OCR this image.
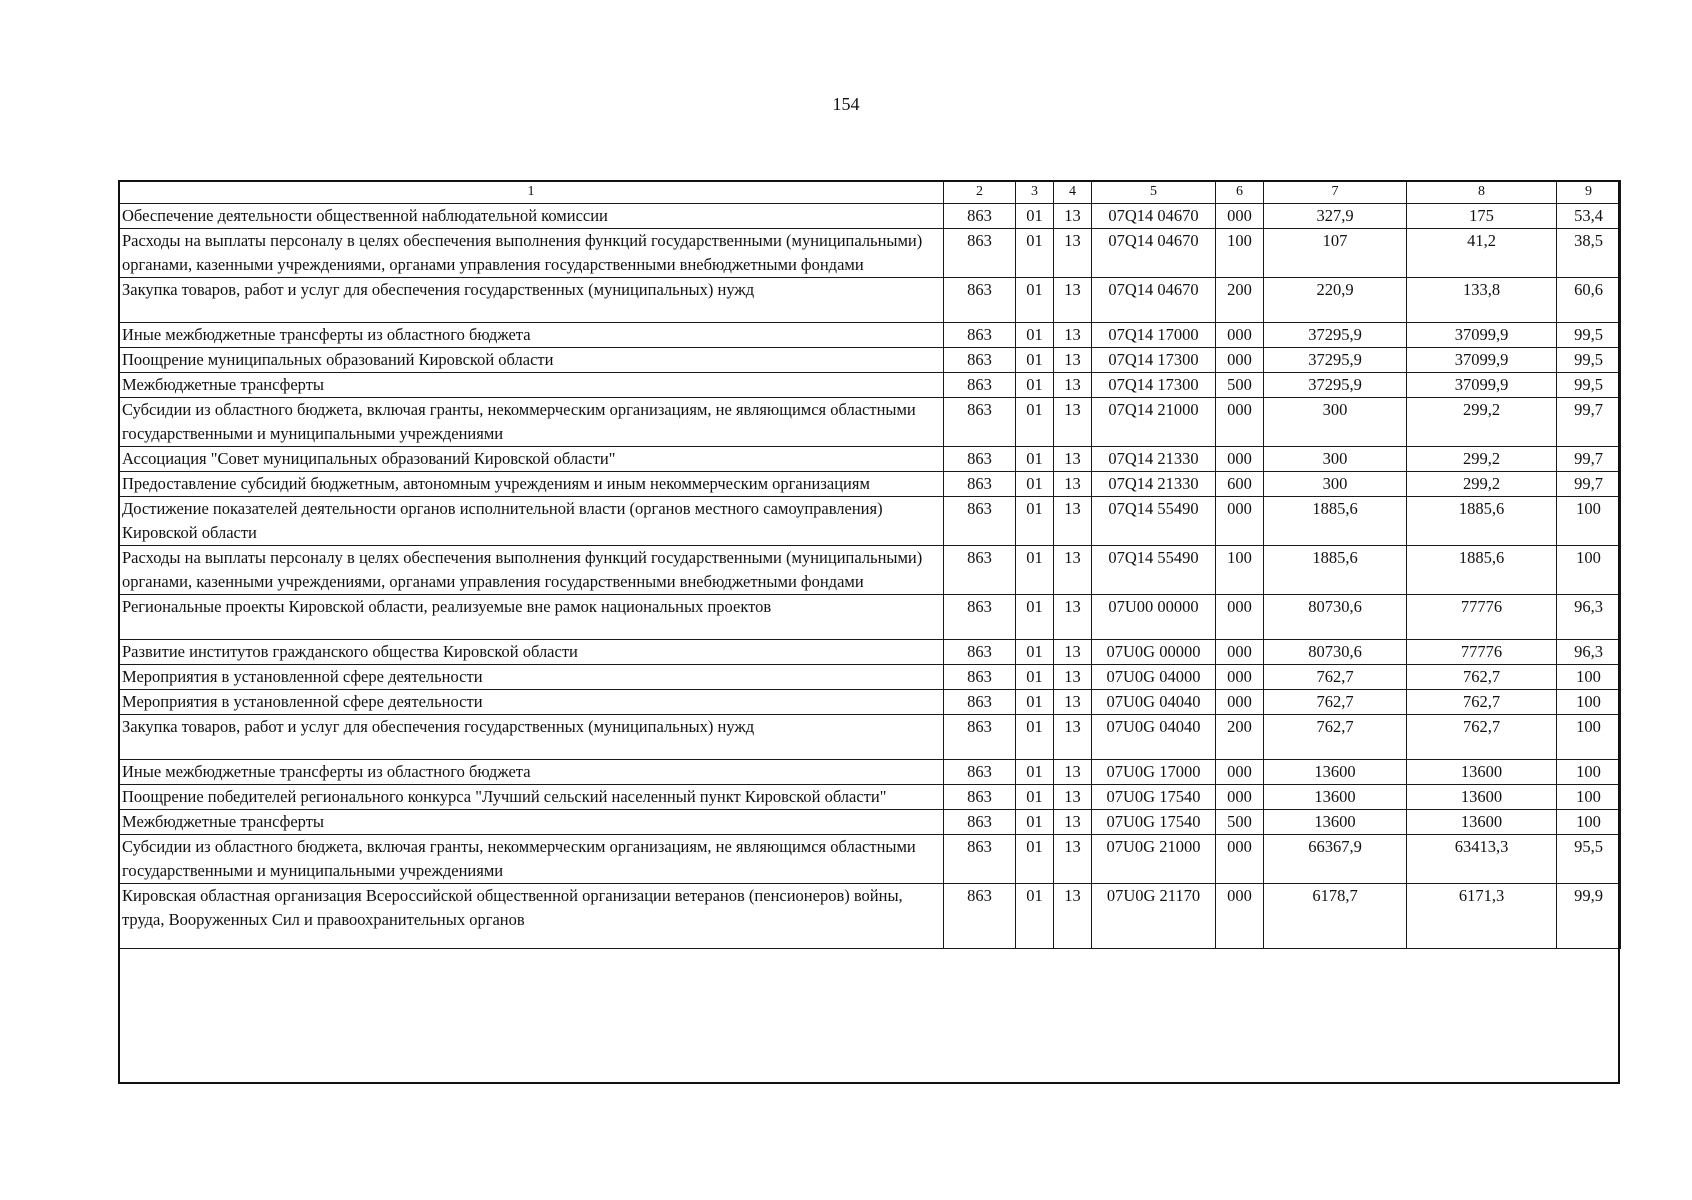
154
1	2	3	4	5	6	7	8	9
Обеспечение деятельности общественной наблюдательной комиссии	863	01	13	07Q14 04670	000	327,9	175	53,4
Расходы на выплаты персоналу в целях обеспечения выполнения функций государственными (муниципальными) органами, казенными учреждениями, органами управления государственными внебюджетными фондами	863	01	13	07Q14 04670	100	107	41,2	38,5
Закупка товаров, работ и услуг для обеспечения государственных (муниципальных) нужд	863	01	13	07Q14 04670	200	220,9	133,8	60,6
Иные межбюджетные трансферты из областного бюджета	863	01	13	07Q14 17000	000	37295,9	37099,9	99,5
Поощрение муниципальных образований Кировской области	863	01	13	07Q14 17300	000	37295,9	37099,9	99,5
Межбюджетные трансферты	863	01	13	07Q14 17300	500	37295,9	37099,9	99,5
Субсидии из областного бюджета, включая гранты, некоммерческим организациям, не являющимся областными государственными и муниципальными учреждениями	863	01	13	07Q14 21000	000	300	299,2	99,7
Ассоциация "Совет муниципальных образований Кировской области"	863	01	13	07Q14 21330	000	300	299,2	99,7
Предоставление субсидий бюджетным, автономным учреждениям и иным некоммерческим организациям	863	01	13	07Q14 21330	600	300	299,2	99,7
Достижение показателей деятельности органов исполнительной власти (органов местного самоуправления) Кировской области	863	01	13	07Q14 55490	000	1885,6	1885,6	100
Расходы на выплаты персоналу в целях обеспечения выполнения функций государственными (муниципальными) органами, казенными учреждениями, органами управления государственными внебюджетными фондами	863	01	13	07Q14 55490	100	1885,6	1885,6	100
Региональные проекты Кировской области, реализуемые вне рамок национальных проектов	863	01	13	07U00 00000	000	80730,6	77776	96,3
Развитие институтов гражданского общества Кировской области	863	01	13	07U0G 00000	000	80730,6	77776	96,3
Мероприятия в установленной сфере деятельности	863	01	13	07U0G 04000	000	762,7	762,7	100
Мероприятия в установленной сфере деятельности	863	01	13	07U0G 04040	000	762,7	762,7	100
Закупка товаров, работ и услуг для обеспечения государственных (муниципальных) нужд	863	01	13	07U0G 04040	200	762,7	762,7	100
Иные межбюджетные трансферты из областного бюджета	863	01	13	07U0G 17000	000	13600	13600	100
Поощрение победителей регионального конкурса "Лучший сельский населенный пункт Кировской области"	863	01	13	07U0G 17540	000	13600	13600	100
Межбюджетные трансферты	863	01	13	07U0G 17540	500	13600	13600	100
Субсидии из областного бюджета, включая гранты, некоммерческим организациям, не являющимся областными государственными и муниципальными учреждениями	863	01	13	07U0G 21000	000	66367,9	63413,3	95,5
Кировская областная организация Всероссийской общественной организации ветеранов (пенсионеров) войны, труда, Вооруженных Сил и правоохранительных органов	863	01	13	07U0G 21170	000	6178,7	6171,3	99,9
